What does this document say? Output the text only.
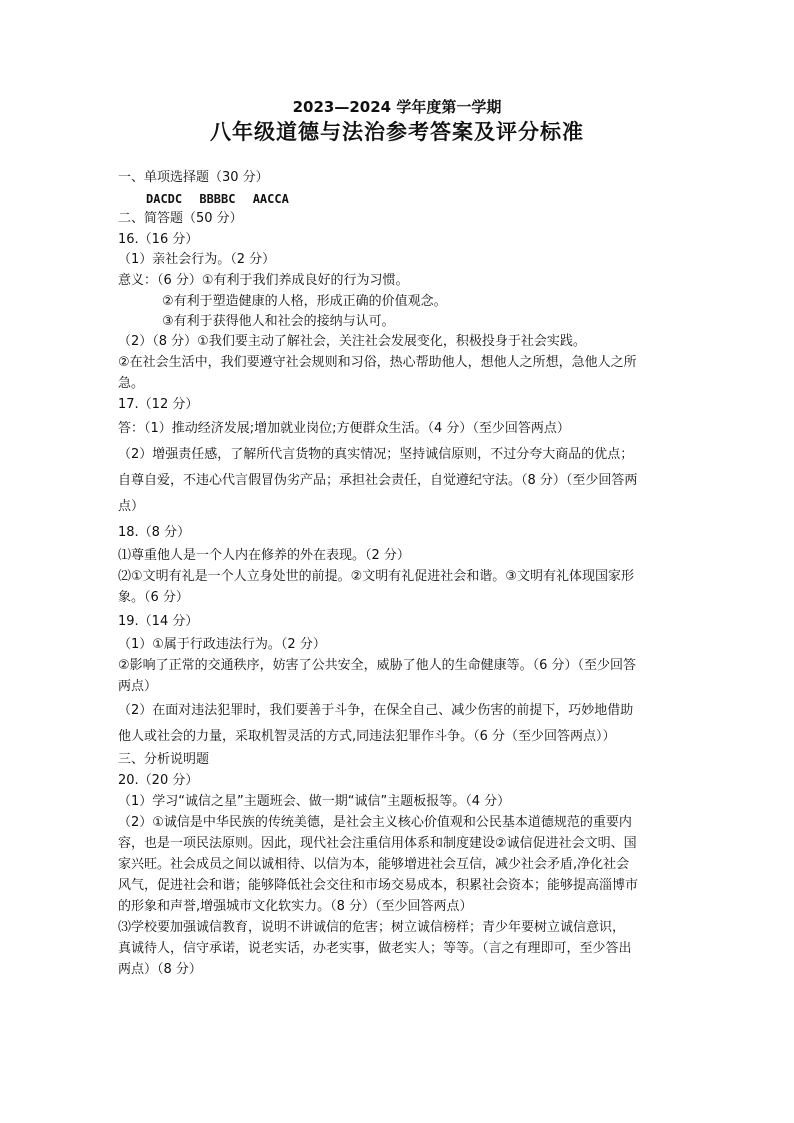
2023—2024 学年度第一学期
八年级道德与法治参考答案及评分标准
一、单项选择题（30 分）
DACDC BBBBC AACCA
二、简答题（50 分）
16.（16 分）
（1）亲社会行为。（2 分）
意义：（6 分）①有利于我们养成良好的行为习惯。
②有利于塑造健康的人格，形成正确的价值观念。
③有利于获得他人和社会的接纳与认可。
（2）（8 分）①我们要主动了解社会，关注社会发展变化，积极投身于社会实践。
②在社会生活中，我们要遵守社会规则和习俗，热心帮助他人，想他人之所想，急他人之所
急。
17.（12 分）
答：（1）推动经济发展;增加就业岗位;方便群众生活。（4 分）（至少回答两点）
（2）增强责任感，了解所代言货物的真实情况；坚持诚信原则，不过分夸大商品的优点；
自尊自爱，不违心代言假冒伪劣产品；承担社会责任，自觉遵纪守法。（8 分）（至少回答两
点）
18.（8 分）
⑴尊重他人是一个人内在修养的外在表现。（2 分）
⑵①文明有礼是一个人立身处世的前提。②文明有礼促进社会和谐。③文明有礼体现国家形
象。（6 分）
19.（14 分）
（1）①属于行政违法行为。（2 分）
②影响了正常的交通秩序，妨害了公共安全，威胁了他人的生命健康等。（6 分）（至少回答
两点）
（2）在面对违法犯罪时，我们要善于斗争，在保全自己、减少伤害的前提下，巧妙地借助
他人或社会的力量，采取机智灵活的方式,同违法犯罪作斗争。（6 分（至少回答两点））
三、分析说明题
20.（20 分）
（1）学习“诚信之星”主题班会、做一期“诚信”主题板报等。（4 分）
（2）①诚信是中华民族的传统美德，是社会主义核心价值观和公民基本道德规范的重要内
容，也是一项民法原则。因此，现代社会注重信用体系和制度建设②诚信促进社会文明、国
家兴旺。社会成员之间以诚相待、以信为本，能够增进社会互信，减少社会矛盾,净化社会
风气，促进社会和谐；能够降低社会交往和市场交易成本，积累社会资本；能够提高淄博市
的形象和声誉,增强城市文化软实力。（8 分）（至少回答两点）
⑶学校要加强诚信教育，说明不讲诚信的危害；树立诚信榜样；青少年要树立诚信意识，
真诚待人，信守承诺，说老实话，办老实事，做老实人；等等。（言之有理即可，至少答出
两点）（8 分）
